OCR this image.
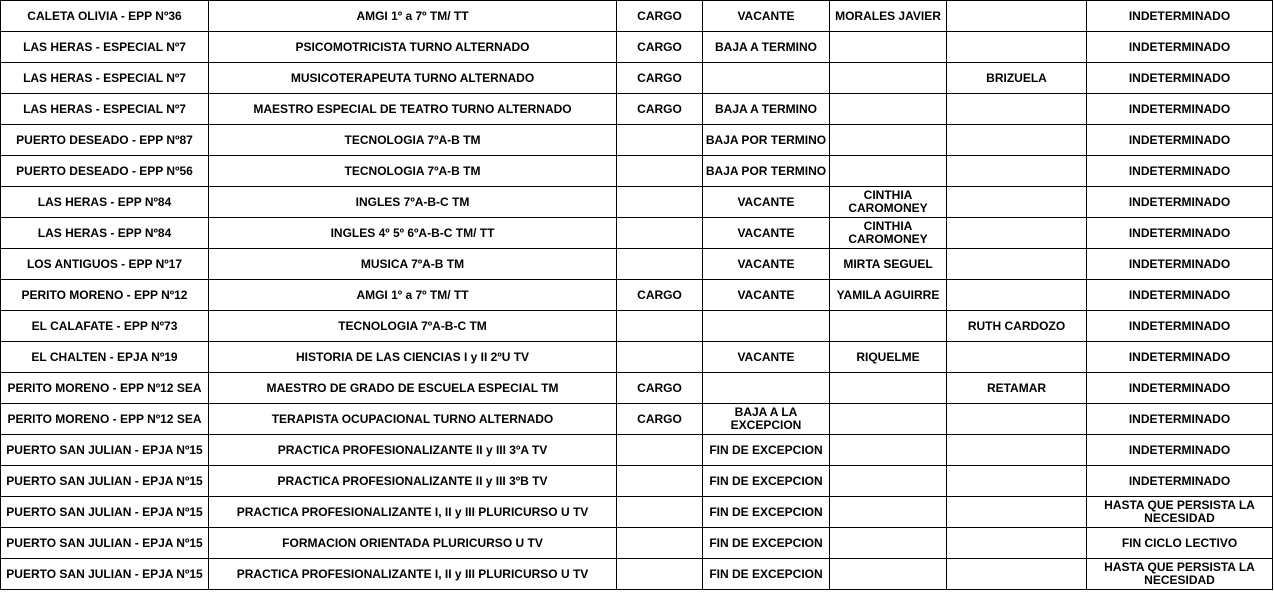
CALETA OLIVIA - EPP Nº36	AMGI 1º a 7º TM/ TT	CARGO	VACANTE	MORALES JAVIER		INDETERMINADO
LAS HERAS - ESPECIAL Nº7	PSICOMOTRICISTA TURNO ALTERNADO	CARGO	BAJA A TERMINO			INDETERMINADO
LAS HERAS - ESPECIAL Nº7	MUSICOTERAPEUTA TURNO ALTERNADO	CARGO			BRIZUELA	INDETERMINADO
LAS HERAS - ESPECIAL Nº7	MAESTRO ESPECIAL DE TEATRO TURNO ALTERNADO	CARGO	BAJA A TERMINO			INDETERMINADO
PUERTO DESEADO - EPP Nº87	TECNOLOGIA 7ºA-B TM		BAJA POR TERMINO			INDETERMINADO
PUERTO DESEADO - EPP Nº56	TECNOLOGIA 7ºA-B TM		BAJA POR TERMINO			INDETERMINADO
LAS HERAS - EPP Nº84	INGLES 7ºA-B-C TM		VACANTE	CINTHIA CAROMONEY		INDETERMINADO
LAS HERAS - EPP Nº84	INGLES 4º 5º 6ºA-B-C TM/ TT		VACANTE	CINTHIA CAROMONEY		INDETERMINADO
LOS ANTIGUOS - EPP Nº17	MUSICA 7ºA-B TM		VACANTE	MIRTA SEGUEL		INDETERMINADO
PERITO MORENO - EPP Nº12	AMGI 1º a 7º TM/ TT	CARGO	VACANTE	YAMILA AGUIRRE		INDETERMINADO
EL CALAFATE - EPP Nº73	TECNOLOGIA 7ºA-B-C TM				RUTH CARDOZO	INDETERMINADO
EL CHALTEN - EPJA Nº19	HISTORIA DE LAS CIENCIAS I y II 2ºU TV		VACANTE	RIQUELME		INDETERMINADO
PERITO MORENO - EPP Nº12 SEA	MAESTRO DE GRADO DE ESCUELA ESPECIAL TM	CARGO			RETAMAR	INDETERMINADO
PERITO MORENO - EPP Nº12 SEA	TERAPISTA OCUPACIONAL TURNO ALTERNADO	CARGO	BAJA A LA EXCEPCION			INDETERMINADO
PUERTO SAN JULIAN - EPJA Nº15	PRACTICA PROFESIONALIZANTE II y III 3ºA TV		FIN DE EXCEPCION			INDETERMINADO
PUERTO SAN JULIAN - EPJA Nº15	PRACTICA PROFESIONALIZANTE II y III 3ºB TV		FIN DE EXCEPCION			INDETERMINADO
PUERTO SAN JULIAN - EPJA Nº15	PRACTICA PROFESIONALIZANTE I, II y III PLURICURSO U TV		FIN DE EXCEPCION			HASTA QUE PERSISTA LA NECESIDAD
PUERTO SAN JULIAN - EPJA Nº15	FORMACION ORIENTADA PLURICURSO U TV		FIN DE EXCEPCION			FIN CICLO LECTIVO
PUERTO SAN JULIAN - EPJA Nº15	PRACTICA PROFESIONALIZANTE I, II y III PLURICURSO U TV		FIN DE EXCEPCION			HASTA QUE PERSISTA LA NECESIDAD
